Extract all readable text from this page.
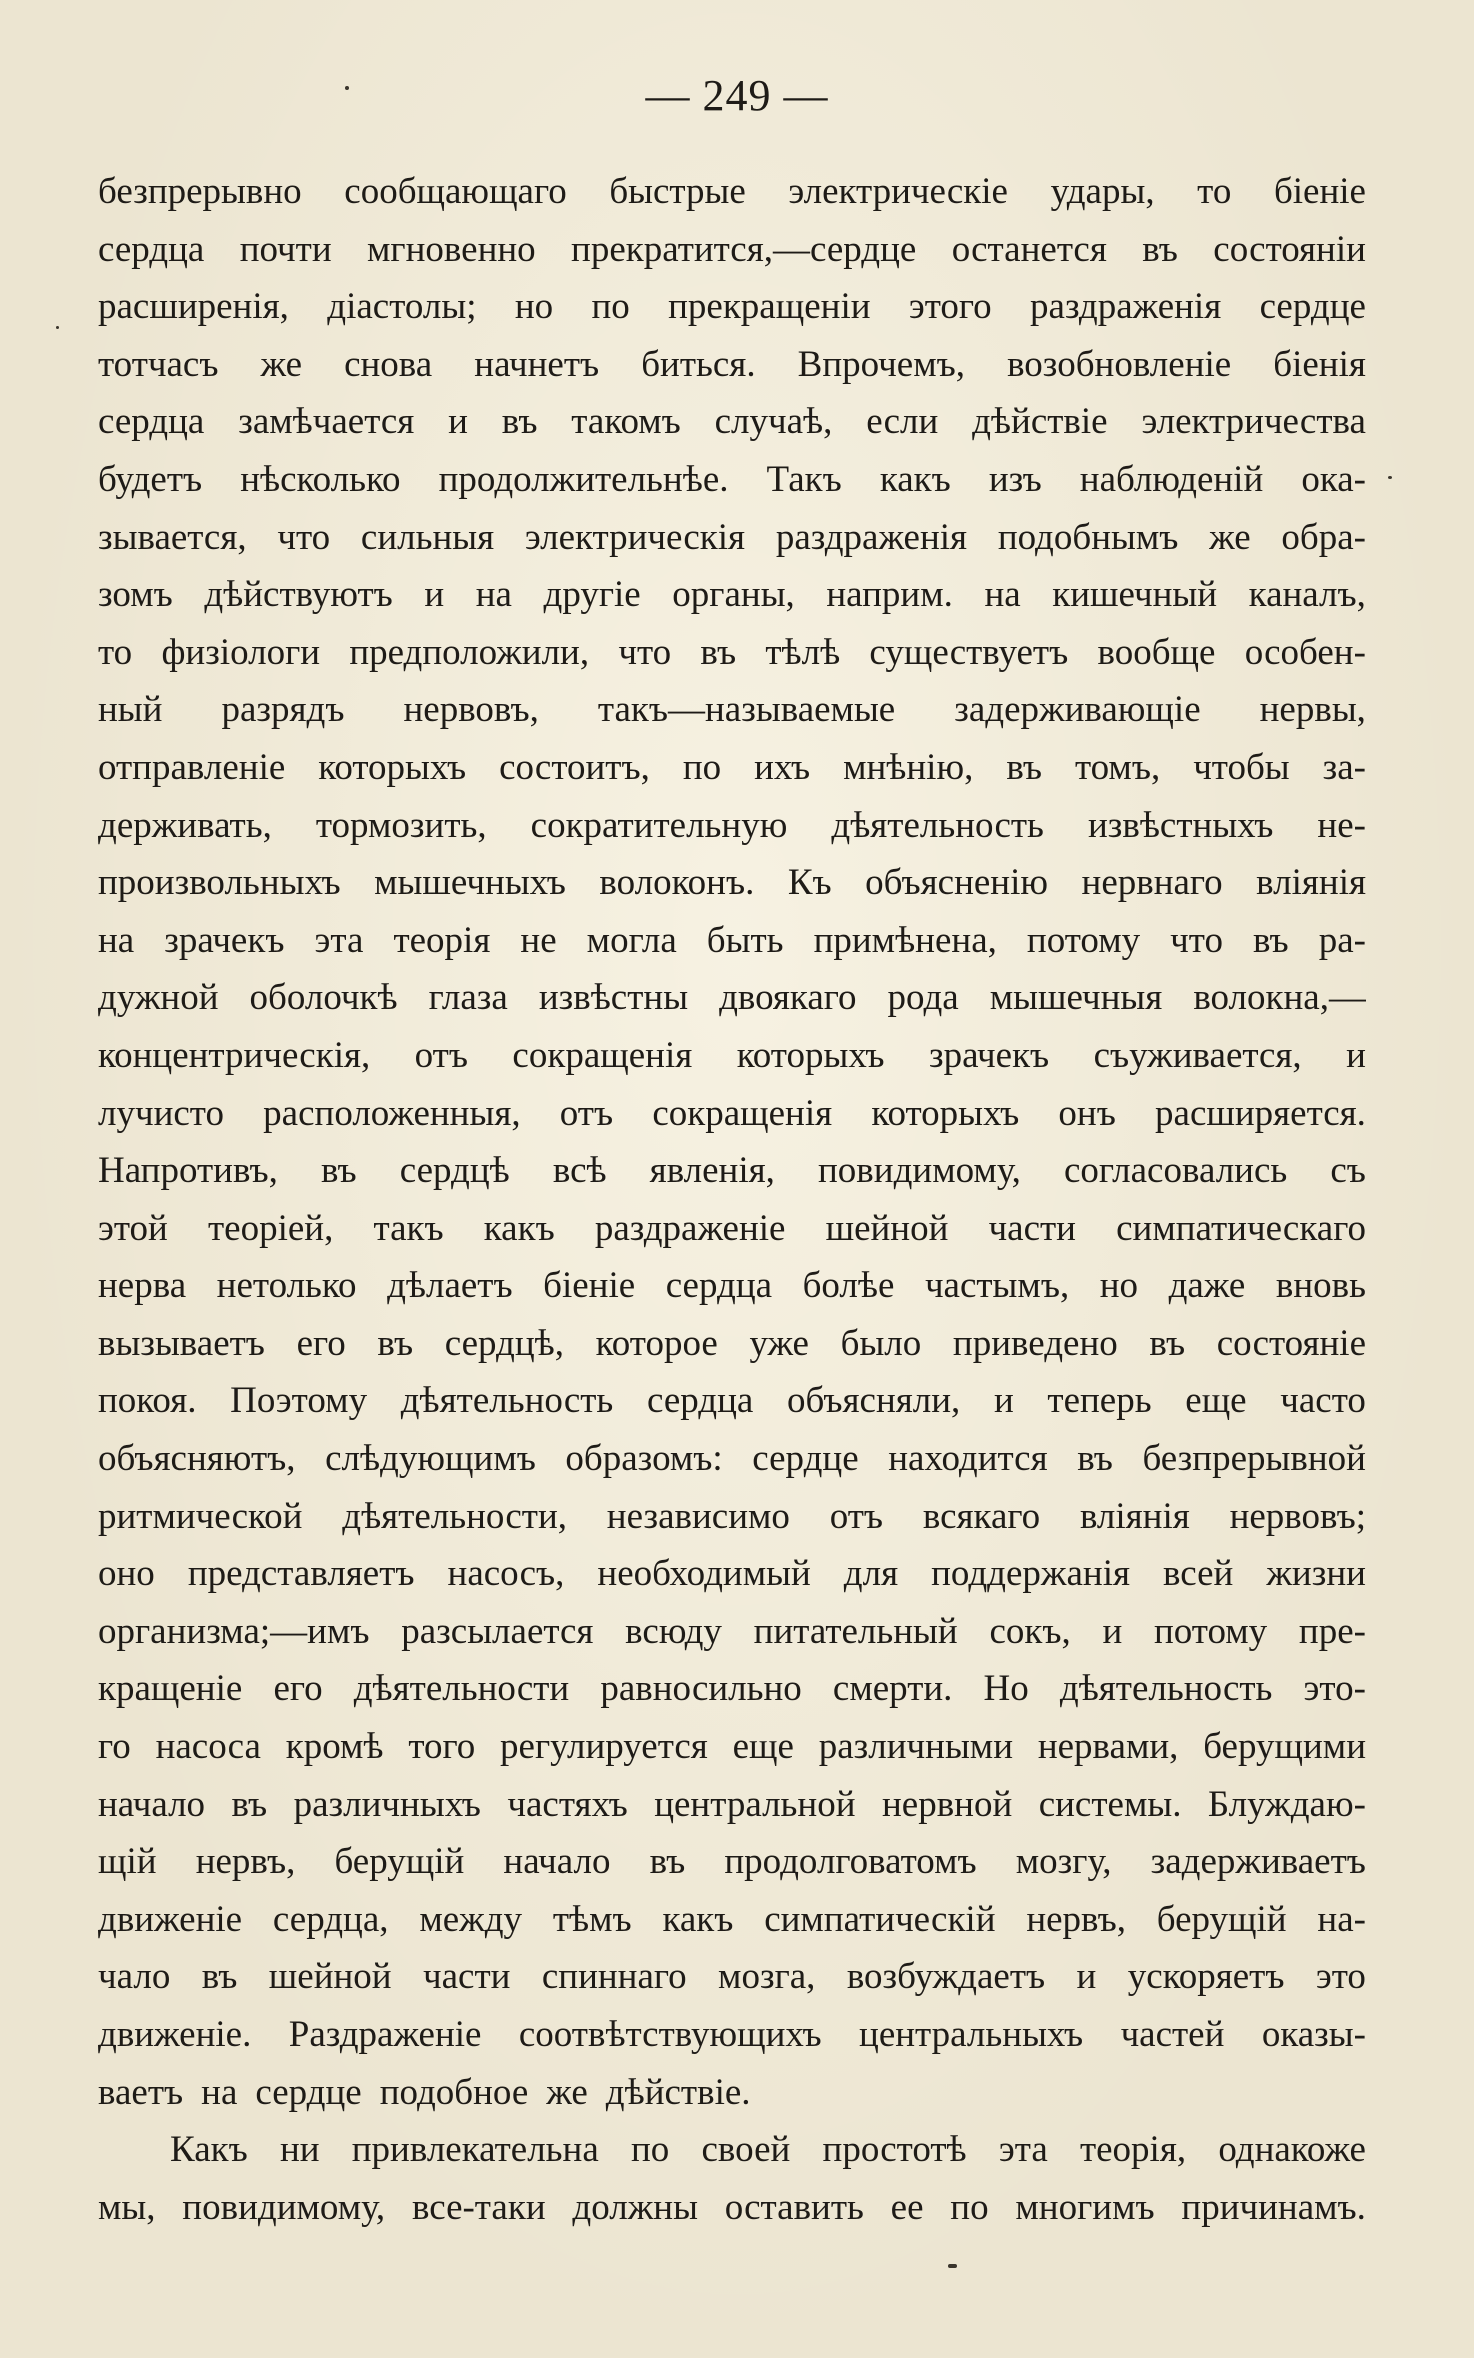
— 249 —
безпрерывно сообщающаго быстрые электрическіе удары, то біеніе
сердца почти мгновенно прекратится,—сердце останется въ состояніи
расширенія, діастолы; но по прекращеніи этого раздраженія сердце
тотчасъ же снова начнетъ биться. Впрочемъ, возобновленіе біенія
сердца замѣчается и въ такомъ случаѣ, если дѣйствіе электричества
будетъ нѣсколько продолжительнѣе. Такъ какъ изъ наблюденій ока-
зывается, что сильныя электрическія раздраженія подобнымъ же обра-
зомъ дѣйствуютъ и на другіе органы, наприм. на кишечный каналъ,
то физіологи предположили, что въ тѣлѣ существуетъ вообще особен-
ный разрядъ нервовъ, такъ—называемые задерживающіе нервы,
отправленіе которыхъ состоитъ, по ихъ мнѣнію, въ томъ, чтобы за-
держивать, тормозить, сократительную дѣятельность извѣстныхъ не-
произвольныхъ мышечныхъ волоконъ. Къ объясненію нервнаго вліянія
на зрачекъ эта теорія не могла быть примѣнена, потому что въ ра-
дужной оболочкѣ глаза извѣстны двоякаго рода мышечныя волокна,—
концентрическія, отъ сокращенія которыхъ зрачекъ съуживается, и
лучисто расположенныя, отъ сокращенія которыхъ онъ расширяется.
Напротивъ, въ сердцѣ всѣ явленія, повидимому, согласовались съ
этой теоріей, такъ какъ раздраженіе шейной части симпатическаго
нерва нетолько дѣлаетъ біеніе сердца болѣе частымъ, но даже вновь
вызываетъ его въ сердцѣ, которое уже было приведено въ состояніе
покоя. Поэтому дѣятельность сердца объясняли, и теперь еще часто
объясняютъ, слѣдующимъ образомъ: сердце находится въ безпрерывной
ритмической дѣятельности, независимо отъ всякаго вліянія нервовъ;
оно представляетъ насосъ, необходимый для поддержанія всей жизни
организма;—имъ разсылается всюду питательный сокъ, и потому пре-
кращеніе его дѣятельности равносильно смерти. Но дѣятельность это-
го насоса кромѣ того регулируется еще различными нервами, берущими
начало въ различныхъ частяхъ центральной нервной системы. Блуждаю-
щій нервъ, берущій начало въ продолговатомъ мозгу, задерживаетъ
движеніе сердца, между тѣмъ какъ симпатическій нервъ, берущій на-
чало въ шейной части спиннаго мозга, возбуждаетъ и ускоряетъ это
движеніе. Раздраженіе соотвѣтствующихъ центральныхъ частей оказы-
ваетъ на сердце подобное же дѣйствіе.
Какъ ни привлекательна по своей простотѣ эта теорія, однакоже
мы, повидимому, все-таки должны оставить ее по многимъ причинамъ.
